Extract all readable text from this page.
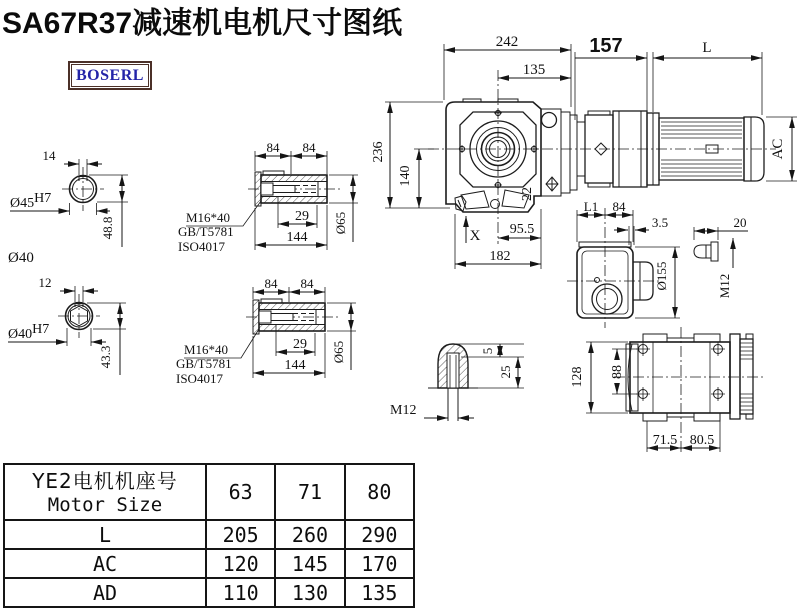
SA67R37减速机电机尺寸图纸
BOSERL
14
Ø45H7
48.8
Ø40
12
Ø40H7
43.3
84 84
29
144
Ø65
M16*40
GB/T5781
ISO4017
84 84
29
144
Ø65
M16*40
GB/T5781
ISO4017
22
242
135
236
140
X 95.5
182
AC
157	L
L1 84
3.5	20
M12
Ø155
5
25
M12
128 88
71.5 80.5
YE2电机机座号
Motor Size	63	71	80
L	205	260	290
AC	120	145	170
AD	110	130	135
